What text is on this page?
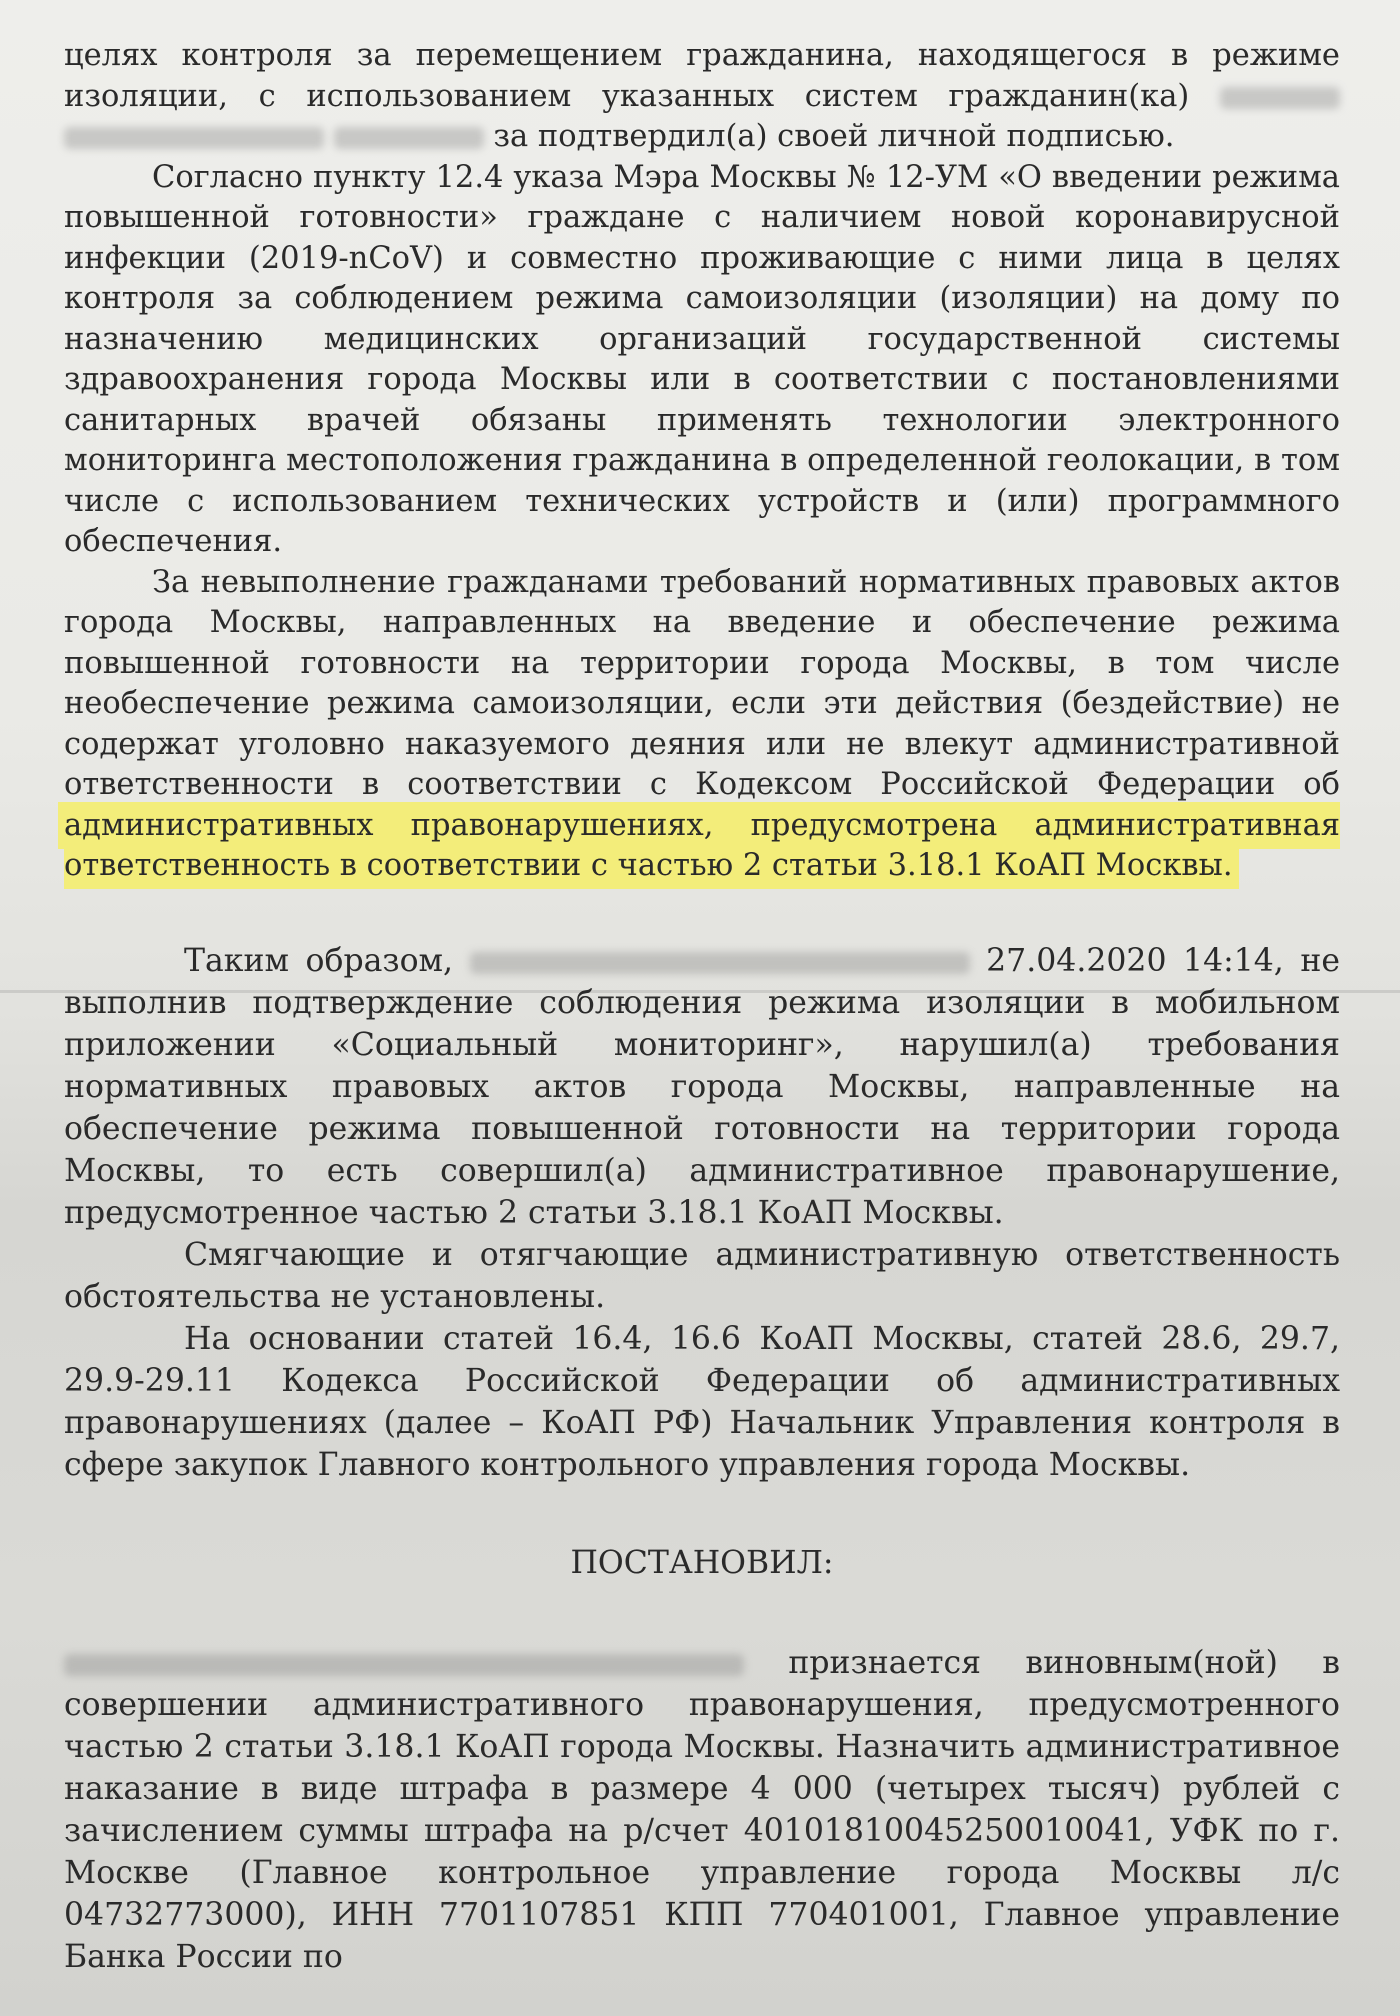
целях контроля за перемещением гражданина, находящегося в режиме изоляции, с использованием указанных систем гражданин(ка)    за подтвердил(а) своей личной подписью.

Согласно пункту 12.4 указа Мэра Москвы № 12-УМ «О введении режима повышенной готовности» граждане с наличием новой коронавирусной инфекции (2019-nCoV) и совместно проживающие с ними лица в целях контроля за соблюдением режима самоизоляции (изоляции) на дому по назначению медицинских организаций государственной системы здравоохранения города Москвы или в соответствии с постановлениями санитарных врачей обязаны применять технологии электронного мониторинга местоположения гражданина в определенной геолокации, в том числе с использованием технических устройств и (или) программного обеспечения.

За невыполнение гражданами требований нормативных правовых актов города Москвы, направленных на введение и обеспечение режима повышенной готовности на территории города Москвы, в том числе необеспечение режима самоизоляции, если эти действия (бездействие) не содержат уголовно наказуемого деяния или не влекут административной ответственности в соответствии с Кодексом Российской Федерации об административных правонарушениях, предусмотрена административная ответственность в соответствии с частью 2 статьи 3.18.1 КоАП Москвы.

Таким образом,	27.04.2020 14:14, не выполнив подтверждение соблюдения режима изоляции в мобильном приложении «Социальный мониторинг», нарушил(а) требования нормативных правовых актов города Москвы, направленные на обеспечение режима повышенной готовности на территории города Москвы, то есть совершил(а) административное правонарушение, предусмотренное частью 2 статьи 3.18.1 КоАП Москвы.

Смягчающие и отягчающие административную ответственность обстоятельства не установлены.

На основании статей 16.4, 16.6 КоАП Москвы, статей 28.6, 29.7, 29.9-29.11 Кодекса Российской Федерации об административных правонарушениях (далее – КоАП РФ) Начальник Управления контроля в сфере закупок Главного контрольного управления города Москвы.

ПОСТАНОВИЛ:

признается виновным(ной) в совершении административного правонарушения, предусмотренного частью 2 статьи 3.18.1 КоАП города Москвы. Назначить административное наказание в виде штрафа в размере 4 000 (четырех тысяч) рублей с зачислением суммы штрафа на р/счет 40101810045250010041, УФК по г. Москве (Главное контрольное управление города Москвы л/с 04732773000), ИНН 7701107851 КПП 770401001, Главное управление Банка России по
